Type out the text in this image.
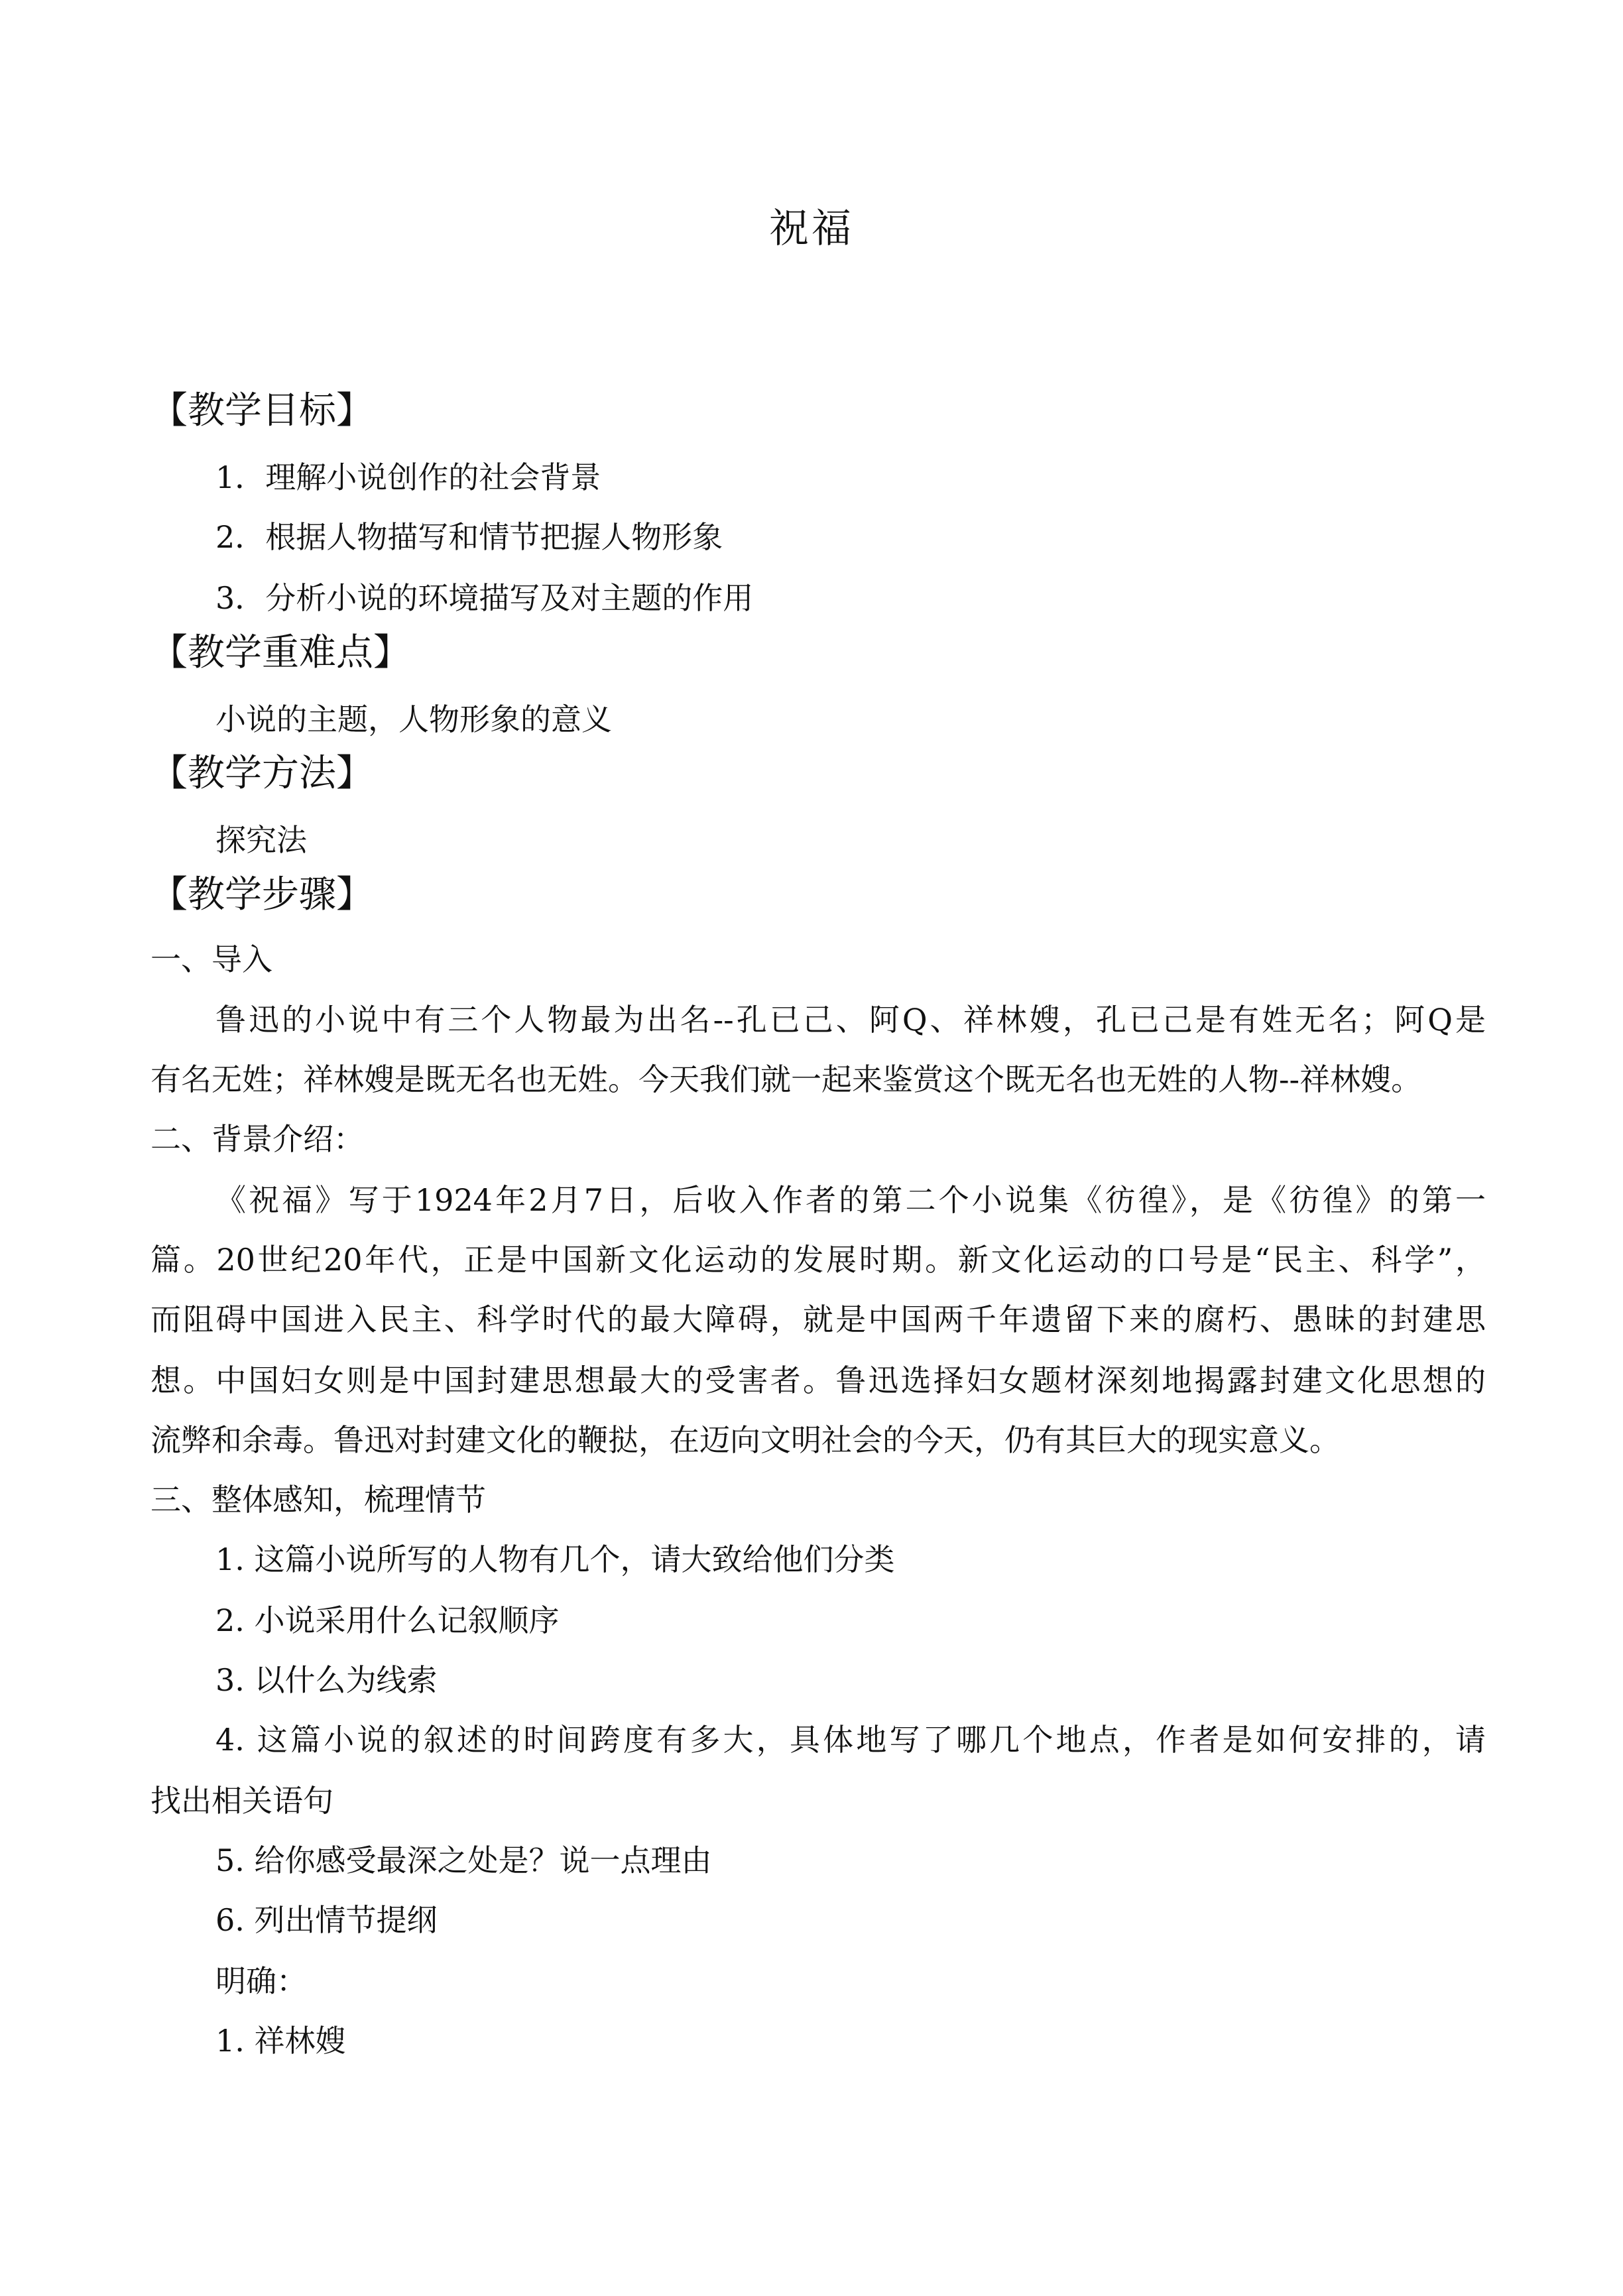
祝福
【教学目标】
1．理解小说创作的社会背景
2．根据人物描写和情节把握人物形象
3．分析小说的环境描写及对主题的作用
【教学重难点】
小说的主题，人物形象的意义
【教学方法】
探究法
【教学步骤】
一、导入
鲁迅的小说中有三个人物最为出名--孔已己、阿Q、祥林嫂，孔已己是有姓无名；阿Q是
有名无姓；祥林嫂是既无名也无姓。今天我们就一起来鉴赏这个既无名也无姓的人物--祥林嫂。
二、背景介绍：
《祝福》写于1924年2月7日，后收入作者的第二个小说集《彷徨》，是《彷徨》的第一
篇。20世纪20年代，正是中国新文化运动的发展时期。新文化运动的口号是“民主、科学”，
而阻碍中国进入民主、科学时代的最大障碍，就是中国两千年遗留下来的腐朽、愚昧的封建思
想。中国妇女则是中国封建思想最大的受害者。鲁迅选择妇女题材深刻地揭露封建文化思想的
流弊和余毒。鲁迅对封建文化的鞭挞，在迈向文明社会的今天，仍有其巨大的现实意义。
三、整体感知，梳理情节
1. 这篇小说所写的人物有几个，请大致给他们分类
2. 小说采用什么记叙顺序
3. 以什么为线索
4. 这篇小说的叙述的时间跨度有多大，具体地写了哪几个地点，作者是如何安排的，请
找出相关语句
5. 给你感受最深之处是？说一点理由
6. 列出情节提纲
明确：
1. 祥林嫂
